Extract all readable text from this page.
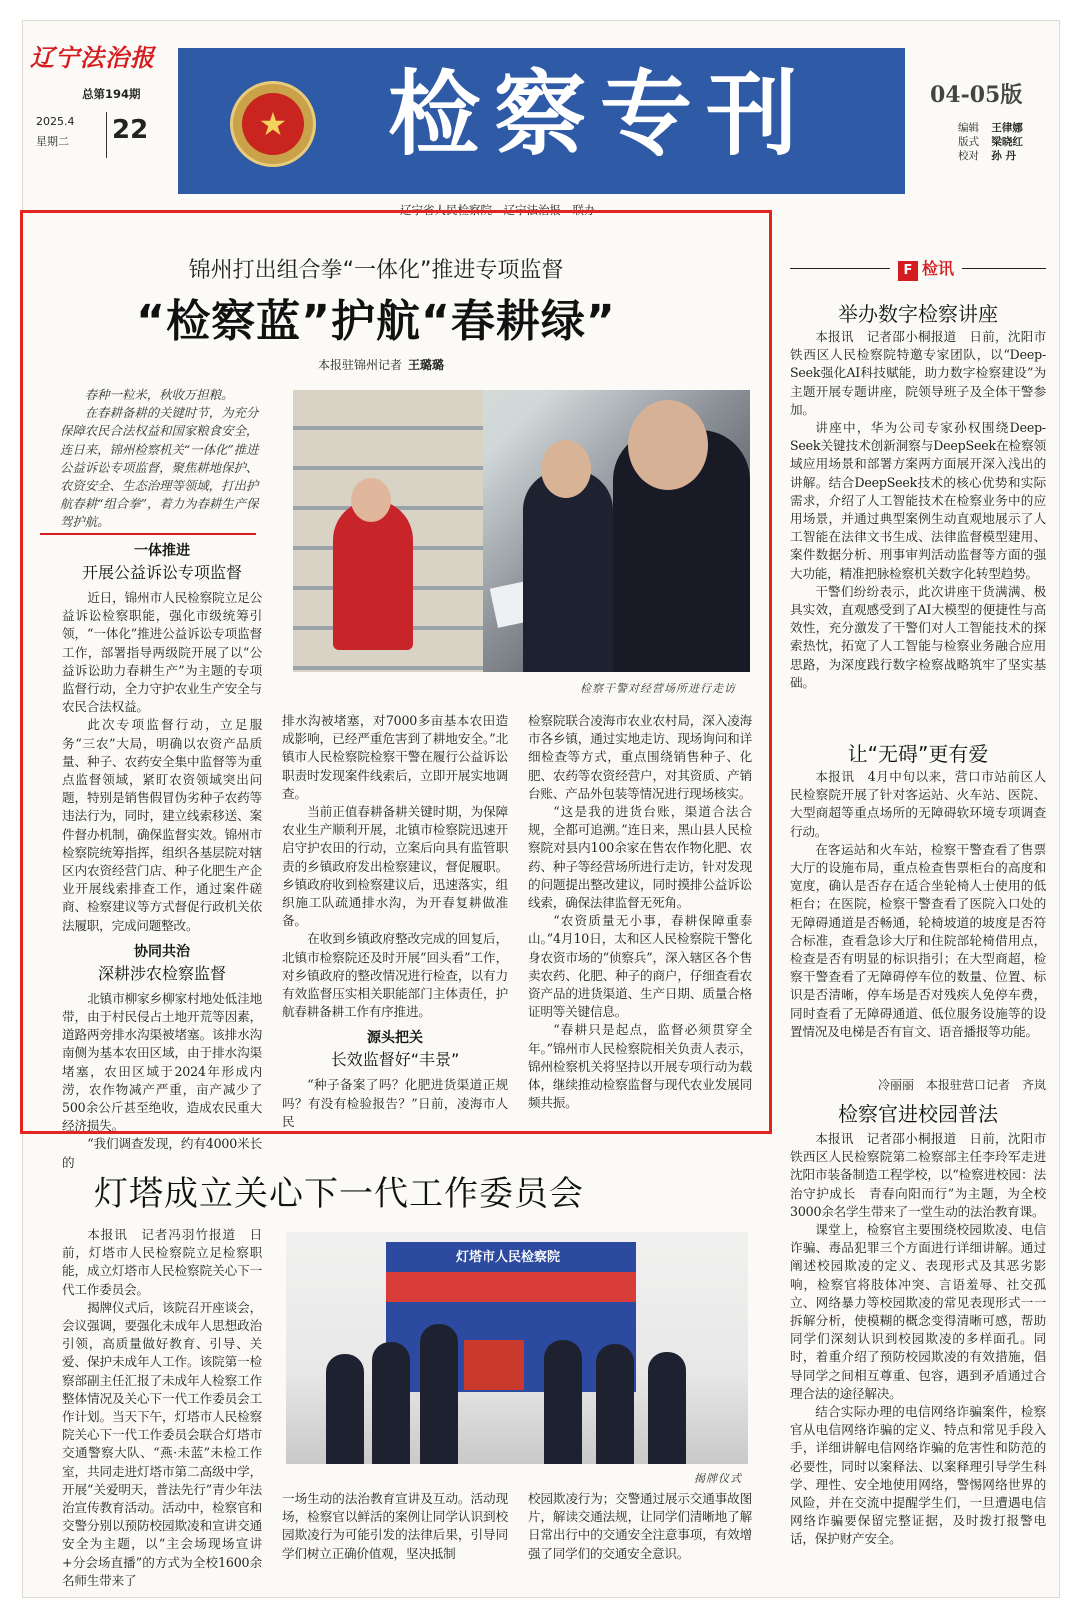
辽宁法治报
总第194期
2025.4
星期二 22	★ 检察专刊	04-05版
编辑 王律娜
版式 梁晓红
校对 孙 丹
辽宁省人民检察院　辽宁法治报　联办
锦州打出组合拳“一体化”推进专项监督
“检察蓝”护航“春耕绿”
本报驻锦州记者 王璐璐

春种一粒米，秋收万担粮。

在春耕备耕的关键时节，为充分保障农民合法权益和国家粮食安全，连日来，锦州检察机关“一体化”推进公益诉讼专项监督，聚焦耕地保护、农资安全、生态治理等领域，打出护航春耕“组合拳”，着力为春耕生产保驾护航。

检察干警对经营场所进行走访
一体推进
开展公益诉讼专项监督

近日，锦州市人民检察院立足公益诉讼检察职能，强化市级统筹引领，“一体化”推进公益诉讼专项监督工作，部署指导两级院开展了以“公益诉讼助力春耕生产”为主题的专项监督行动，全力守护农业生产安全与农民合法权益。

此次专项监督行动，立足服务“三农”大局，明确以农资产品质量、种子、农药安全集中监督等为重点监督领域，紧盯农资领域突出问题，特别是销售假冒伪劣种子农药等违法行为，同时，建立线索移送、案件督办机制，确保监督实效。锦州市检察院统筹指挥，组织各基层院对辖区内农资经营门店、种子化肥生产企业开展线索排查工作，通过案件磋商、检察建议等方式督促行政机关依法履职，完成问题整改。

协同共治
深耕涉农检察监督

北镇市柳家乡柳家村地处低洼地带，由于村民侵占土地开荒等因素，道路两旁排水沟渠被堵塞。该排水沟南侧为基本农田区域，由于排水沟渠堵塞，农田区域于2024年形成内涝，农作物减产严重，亩产减少了500余公斤甚至绝收，造成农民重大经济损失。

“我们调查发现，约有4000米长的

排水沟被堵塞，对7000多亩基本农田造成影响，已经严重危害到了耕地安全。”北镇市人民检察院检察干警在履行公益诉讼职责时发现案件线索后，立即开展实地调查。

当前正值春耕备耕关键时期，为保障农业生产顺利开展，北镇市检察院迅速开启守护农田的行动，立案后向具有监管职责的乡镇政府发出检察建议，督促履职。乡镇政府收到检察建议后，迅速落实，组织施工队疏通排水沟，为开春复耕做准备。

在收到乡镇政府整改完成的回复后，北镇市检察院还及时开展“回头看”工作，对乡镇政府的整改情况进行检查，以有力有效监督压实相关职能部门主体责任，护航春耕备耕工作有序推进。

源头把关
长效监督好“丰景”

“种子备案了吗？化肥进货渠道正规吗？有没有检验报告？”日前，凌海市人民

检察院联合凌海市农业农村局，深入凌海市各乡镇，通过实地走访、现场询问和详细检查等方式，重点围绕销售种子、化肥、农药等农资经营户，对其资质、产销台账、产品外包装等情况进行现场核实。

“这是我的进货台账，渠道合法合规，全都可追溯。”连日来，黑山县人民检察院对县内100余家在售农作物化肥、农药、种子等经营场所进行走访，针对发现的问题提出整改建议，同时摸排公益诉讼线索，确保法律监督无死角。

“农资质量无小事，春耕保障重泰山。”4月10日，太和区人民检察院干警化身农资市场的“侦察兵”，深入辖区各个售卖农药、化肥、种子的商户，仔细查看农资产品的进货渠道、生产日期、质量合格证明等关键信息。

“春耕只是起点，监督必须贯穿全年。”锦州市人民检察院相关负责人表示，锦州检察机关将坚持以开展专项行动为载体，继续推动检察监督与现代农业发展同频共振。

F 检讯
举办数字检察讲座

本报讯　记者邵小桐报道　日前，沈阳市铁西区人民检察院特邀专家团队，以“Deep-Seek强化AI科技赋能，助力数字检察建设”为主题开展专题讲座，院领导班子及全体干警参加。

讲座中，华为公司专家孙权围绕Deep-Seek关键技术创新洞察与DeepSeek在检察领域应用场景和部署方案两方面展开深入浅出的讲解。结合DeepSeek技术的核心优势和实际需求，介绍了人工智能技术在检察业务中的应用场景，并通过典型案例生动直观地展示了人工智能在法律文书生成、法律监督模型建用、案件数据分析、刑事审判活动监督等方面的强大功能，精准把脉检察机关数字化转型趋势。

干警们纷纷表示，此次讲座干货满满、极具实效，直观感受到了AI大模型的便捷性与高效性，充分激发了干警们对人工智能技术的探索热忱，拓宽了人工智能与检察业务融合应用思路，为深度践行数字检察战略筑牢了坚实基础。

让“无碍”更有爱

本报讯　4月中旬以来，营口市站前区人民检察院开展了针对客运站、火车站、医院、大型商超等重点场所的无障碍软环境专项调查行动。

在客运站和火车站，检察干警查看了售票大厅的设施布局，重点检查售票柜台的高度和宽度，确认是否存在适合坐轮椅人士使用的低柜台；在医院，检察干警查看了医院入口处的无障碍通道是否畅通，轮椅坡道的坡度是否符合标准，查看急诊大厅和住院部轮椅借用点，检查是否有明显的标识指引；在大型商超，检察干警查看了无障碍停车位的数量、位置、标识是否清晰，停车场是否对残疾人免停车费，同时查看了无障碍通道、低位服务设施等的设置情况及电梯是否有盲文、语音播报等功能。

冷丽丽　本报驻营口记者　齐岚
检察官进校园普法

本报讯　记者邵小桐报道　日前，沈阳市铁西区人民检察院第二检察部主任李玲军走进沈阳市装备制造工程学校，以“检察进校园：法治守护成长　青春向阳而行”为主题，为全校3000余名学生带来了一堂生动的法治教育课。

课堂上，检察官主要围绕校园欺凌、电信诈骗、毒品犯罪三个方面进行详细讲解。通过阐述校园欺凌的定义、表现形式及其恶劣影响，检察官将肢体冲突、言语羞辱、社交孤立、网络暴力等校园欺凌的常见表现形式一一拆解分析，使模糊的概念变得清晰可感，帮助同学们深刻认识到校园欺凌的多样面孔。同时，着重介绍了预防校园欺凌的有效措施，倡导同学之间相互尊重、包容，遇到矛盾通过合理合法的途径解决。

结合实际办理的电信网络诈骗案件，检察官从电信网络诈骗的定义、特点和常见手段入手，详细讲解电信网络诈骗的危害性和防范的必要性，同时以案释法、以案释理引导学生科学、理性、安全地使用网络，警惕网络世界的风险，并在交流中提醒学生们，一旦遭遇电信网络诈骗要保留完整证据，及时拨打报警电话，保护财产安全。

灯塔成立关心下一代工作委员会

本报讯　记者冯羽竹报道　日前，灯塔市人民检察院立足检察职能，成立灯塔市人民检察院关心下一代工作委员会。

揭牌仪式后，该院召开座谈会，会议强调，要强化未成年人思想政治引领，高质量做好教育、引导、关爱、保护未成年人工作。该院第一检察部副主任汇报了未成年人检察工作整体情况及关心下一代工作委员会工作计划。当天下午，灯塔市人民检察院关心下一代工作委员会联合灯塔市交通警察大队、“燕·未蓝”未检工作室，共同走进灯塔市第二高级中学，开展“关爱明天，普法先行”青少年法治宣传教育活动。活动中，检察官和交警分别以预防校园欺凌和宣讲交通安全为主题，以“主会场现场宣讲+分会场直播”的方式为全校1600余名师生带来了

灯塔市人民检察院
揭牌仪式

一场生动的法治教育宣讲及互动。活动现场，检察官以鲜活的案例让同学认识到校园欺凌行为可能引发的法律后果，引导同学们树立正确价值观，坚决抵制

校园欺凌行为；交警通过展示交通事故图片，解读交通法规，让同学们清晰地了解日常出行中的交通安全注意事项，有效增强了同学们的交通安全意识。
